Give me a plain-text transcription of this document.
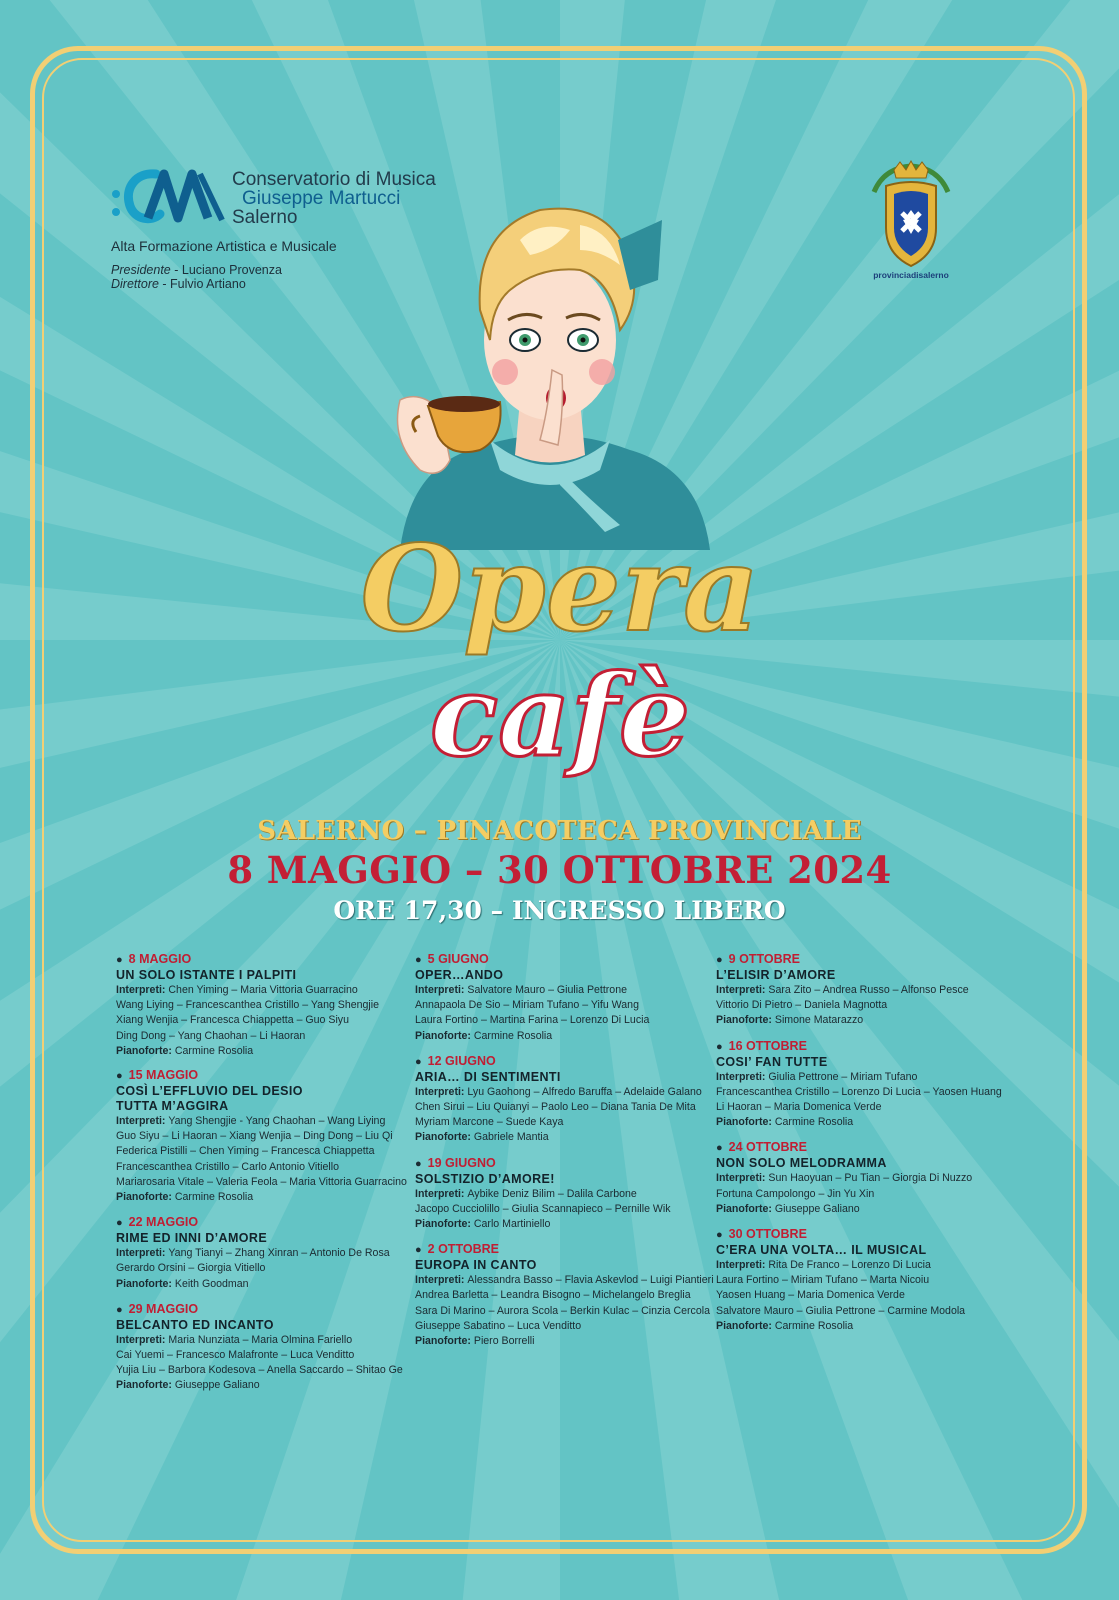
Conservatorio di Musica
Giuseppe Martucci
Salerno
Alta Formazione Artistica e Musicale
Presidente - Luciano Provenza
Direttore - Fulvio Artiano
provinciadisalerno
Opera
cafè
SALERNO – PINACOTECA PROVINCIALE
8 MAGGIO – 30 OTTOBRE 2024
ORE 17,30 – INGRESSO LIBERO
● 8 MAGGIO
UN SOLO ISTANTE I PALPITI
Interpreti: Chen Yiming – Maria Vittoria Guarracino
Wang Liying – Francescanthea Cristillo – Yang Shengjie
Xiang Wenjia – Francesca Chiappetta – Guo Siyu
Ding Dong – Yang Chaohan – Li Haoran
Pianoforte: Carmine Rosolia
● 15 MAGGIO
COSÌ L’EFFLUVIO DEL DESIO
TUTTA M’AGGIRA
Interpreti: Yang Shengjie - Yang Chaohan – Wang Liying
Guo Siyu – Li Haoran – Xiang Wenjia – Ding Dong – Liu Qi
Federica Pistilli – Chen Yiming – Francesca Chiappetta
Francescanthea Cristillo – Carlo Antonio Vitiello
Mariarosaria Vitale – Valeria Feola – Maria Vittoria Guarracino
Pianoforte: Carmine Rosolia
● 22 MAGGIO
RIME ED INNI D’AMORE
Interpreti: Yang Tianyi – Zhang Xinran – Antonio De Rosa
Gerardo Orsini – Giorgia Vitiello
Pianoforte: Keith Goodman
● 29 MAGGIO
BELCANTO ED INCANTO
Interpreti: Maria Nunziata – Maria Olmina Fariello
Cai Yuemi – Francesco Malafronte – Luca Venditto
Yujia Liu – Barbora Kodesova – Anella Saccardo – Shitao Ge
Pianoforte: Giuseppe Galiano
● 5 GIUGNO
OPER…ANDO
Interpreti: Salvatore Mauro – Giulia Pettrone
Annapaola De Sio – Miriam Tufano – Yifu Wang
Laura Fortino – Martina Farina – Lorenzo Di Lucia
Pianoforte: Carmine Rosolia
● 12 GIUGNO
ARIA… DI SENTIMENTI
Interpreti: Lyu Gaohong – Alfredo Baruffa – Adelaide Galano
Chen Sirui – Liu Quianyi – Paolo Leo – Diana Tania De Mita
Myriam Marcone – Suede Kaya
Pianoforte: Gabriele Mantia
● 19 GIUGNO
SOLSTIZIO D’AMORE!
Interpreti: Aybike Deniz Bilim – Dalila Carbone
Jacopo Cucciolillo – Giulia Scannapieco – Pernille Wik
Pianoforte: Carlo Martiniello
● 2 OTTOBRE
EUROPA IN CANTO
Interpreti: Alessandra Basso – Flavia Askevlod – Luigi Piantieri
Andrea Barletta – Leandra Bisogno – Michelangelo Breglia
Sara Di Marino – Aurora Scola – Berkin Kulac – Cinzia Cercola
Giuseppe Sabatino – Luca Venditto
Pianoforte: Piero Borrelli
● 9 OTTOBRE
L’ELISIR D’AMORE
Interpreti: Sara Zito – Andrea Russo – Alfonso Pesce
Vittorio Di Pietro – Daniela Magnotta
Pianoforte: Simone Matarazzo
● 16 OTTOBRE
COSI’ FAN TUTTE
Interpreti: Giulia Pettrone – Miriam Tufano
Francescanthea Cristillo – Lorenzo Di Lucia – Yaosen Huang
Li Haoran – Maria Domenica Verde
Pianoforte: Carmine Rosolia
● 24 OTTOBRE
NON SOLO MELODRAMMA
Interpreti: Sun Haoyuan – Pu Tian – Giorgia Di Nuzzo
Fortuna Campolongo – Jin Yu Xin
Pianoforte: Giuseppe Galiano
● 30 OTTOBRE
C’ERA UNA VOLTA… IL MUSICAL
Interpreti: Rita De Franco – Lorenzo Di Lucia
Laura Fortino – Miriam Tufano – Marta Nicoiu
Yaosen Huang – Maria Domenica Verde
Salvatore Mauro – Giulia Pettrone – Carmine Modola
Pianoforte: Carmine Rosolia
